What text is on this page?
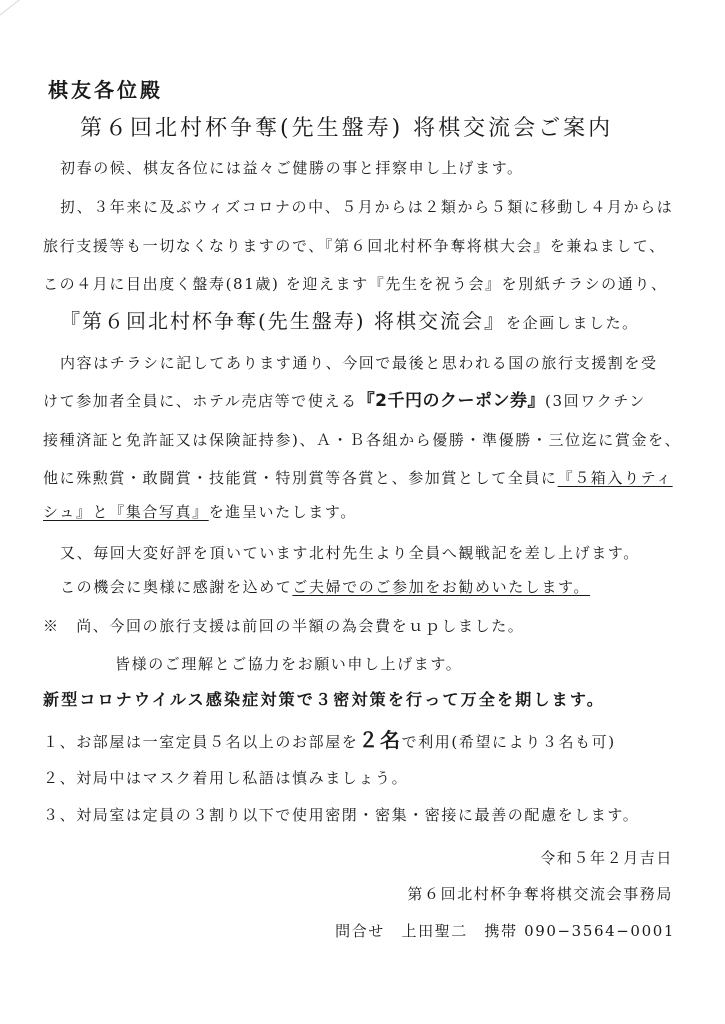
棋友各位殿
第６回北村杯争奪(先生盤寿) 将棋交流会ご案内
初春の候、棋友各位には益々ご健勝の事と拝察申し上げます。
扨、３年来に及ぶウィズコロナの中、５月からは２類から５類に移動し４月からは
旅行支援等も一切なくなりますので、『第６回北村杯争奪将棋大会』を兼ねまして、
この４月に目出度く盤寿(81歳) を迎えます『先生を祝う会』を別紙チラシの通り、
『第６回北村杯争奪(先生盤寿) 将棋交流会』を企画しました。
内容はチラシに記してあります通り、今回で最後と思われる国の旅行支援割を受
けて参加者全員に、ホテル売店等で使える『2千円のクーポン券』(3回ワクチン
接種済証と免許証又は保険証持参)、Ａ・Ｂ各組から優勝・準優勝・三位迄に賞金を、
他に殊勲賞・敢闘賞・技能賞・特別賞等各賞と、参加賞として全員に『５箱入りティ
シュ』と『集合写真』を進呈いたします。
又、毎回大変好評を頂いています北村先生より全員へ観戦記を差し上げます。
この機会に奥様に感謝を込めてご夫婦でのご参加をお勧めいたします。
※　尚、今回の旅行支援は前回の半額の為会費をｕｐしました。
皆様のご理解とご協力をお願い申し上げます。
新型コロナウイルス感染症対策で３密対策を行って万全を期します。
１、お部屋は一室定員５名以上のお部屋を２名で利用(希望により３名も可)
２、対局中はマスク着用し私語は慎みましょう。
３、対局室は定員の３割り以下で使用密閉・密集・密接に最善の配慮をします。
令和５年２月吉日
第６回北村杯争奪将棋交流会事務局
問合せ　上田聖二　携帯 090−3564−0001
